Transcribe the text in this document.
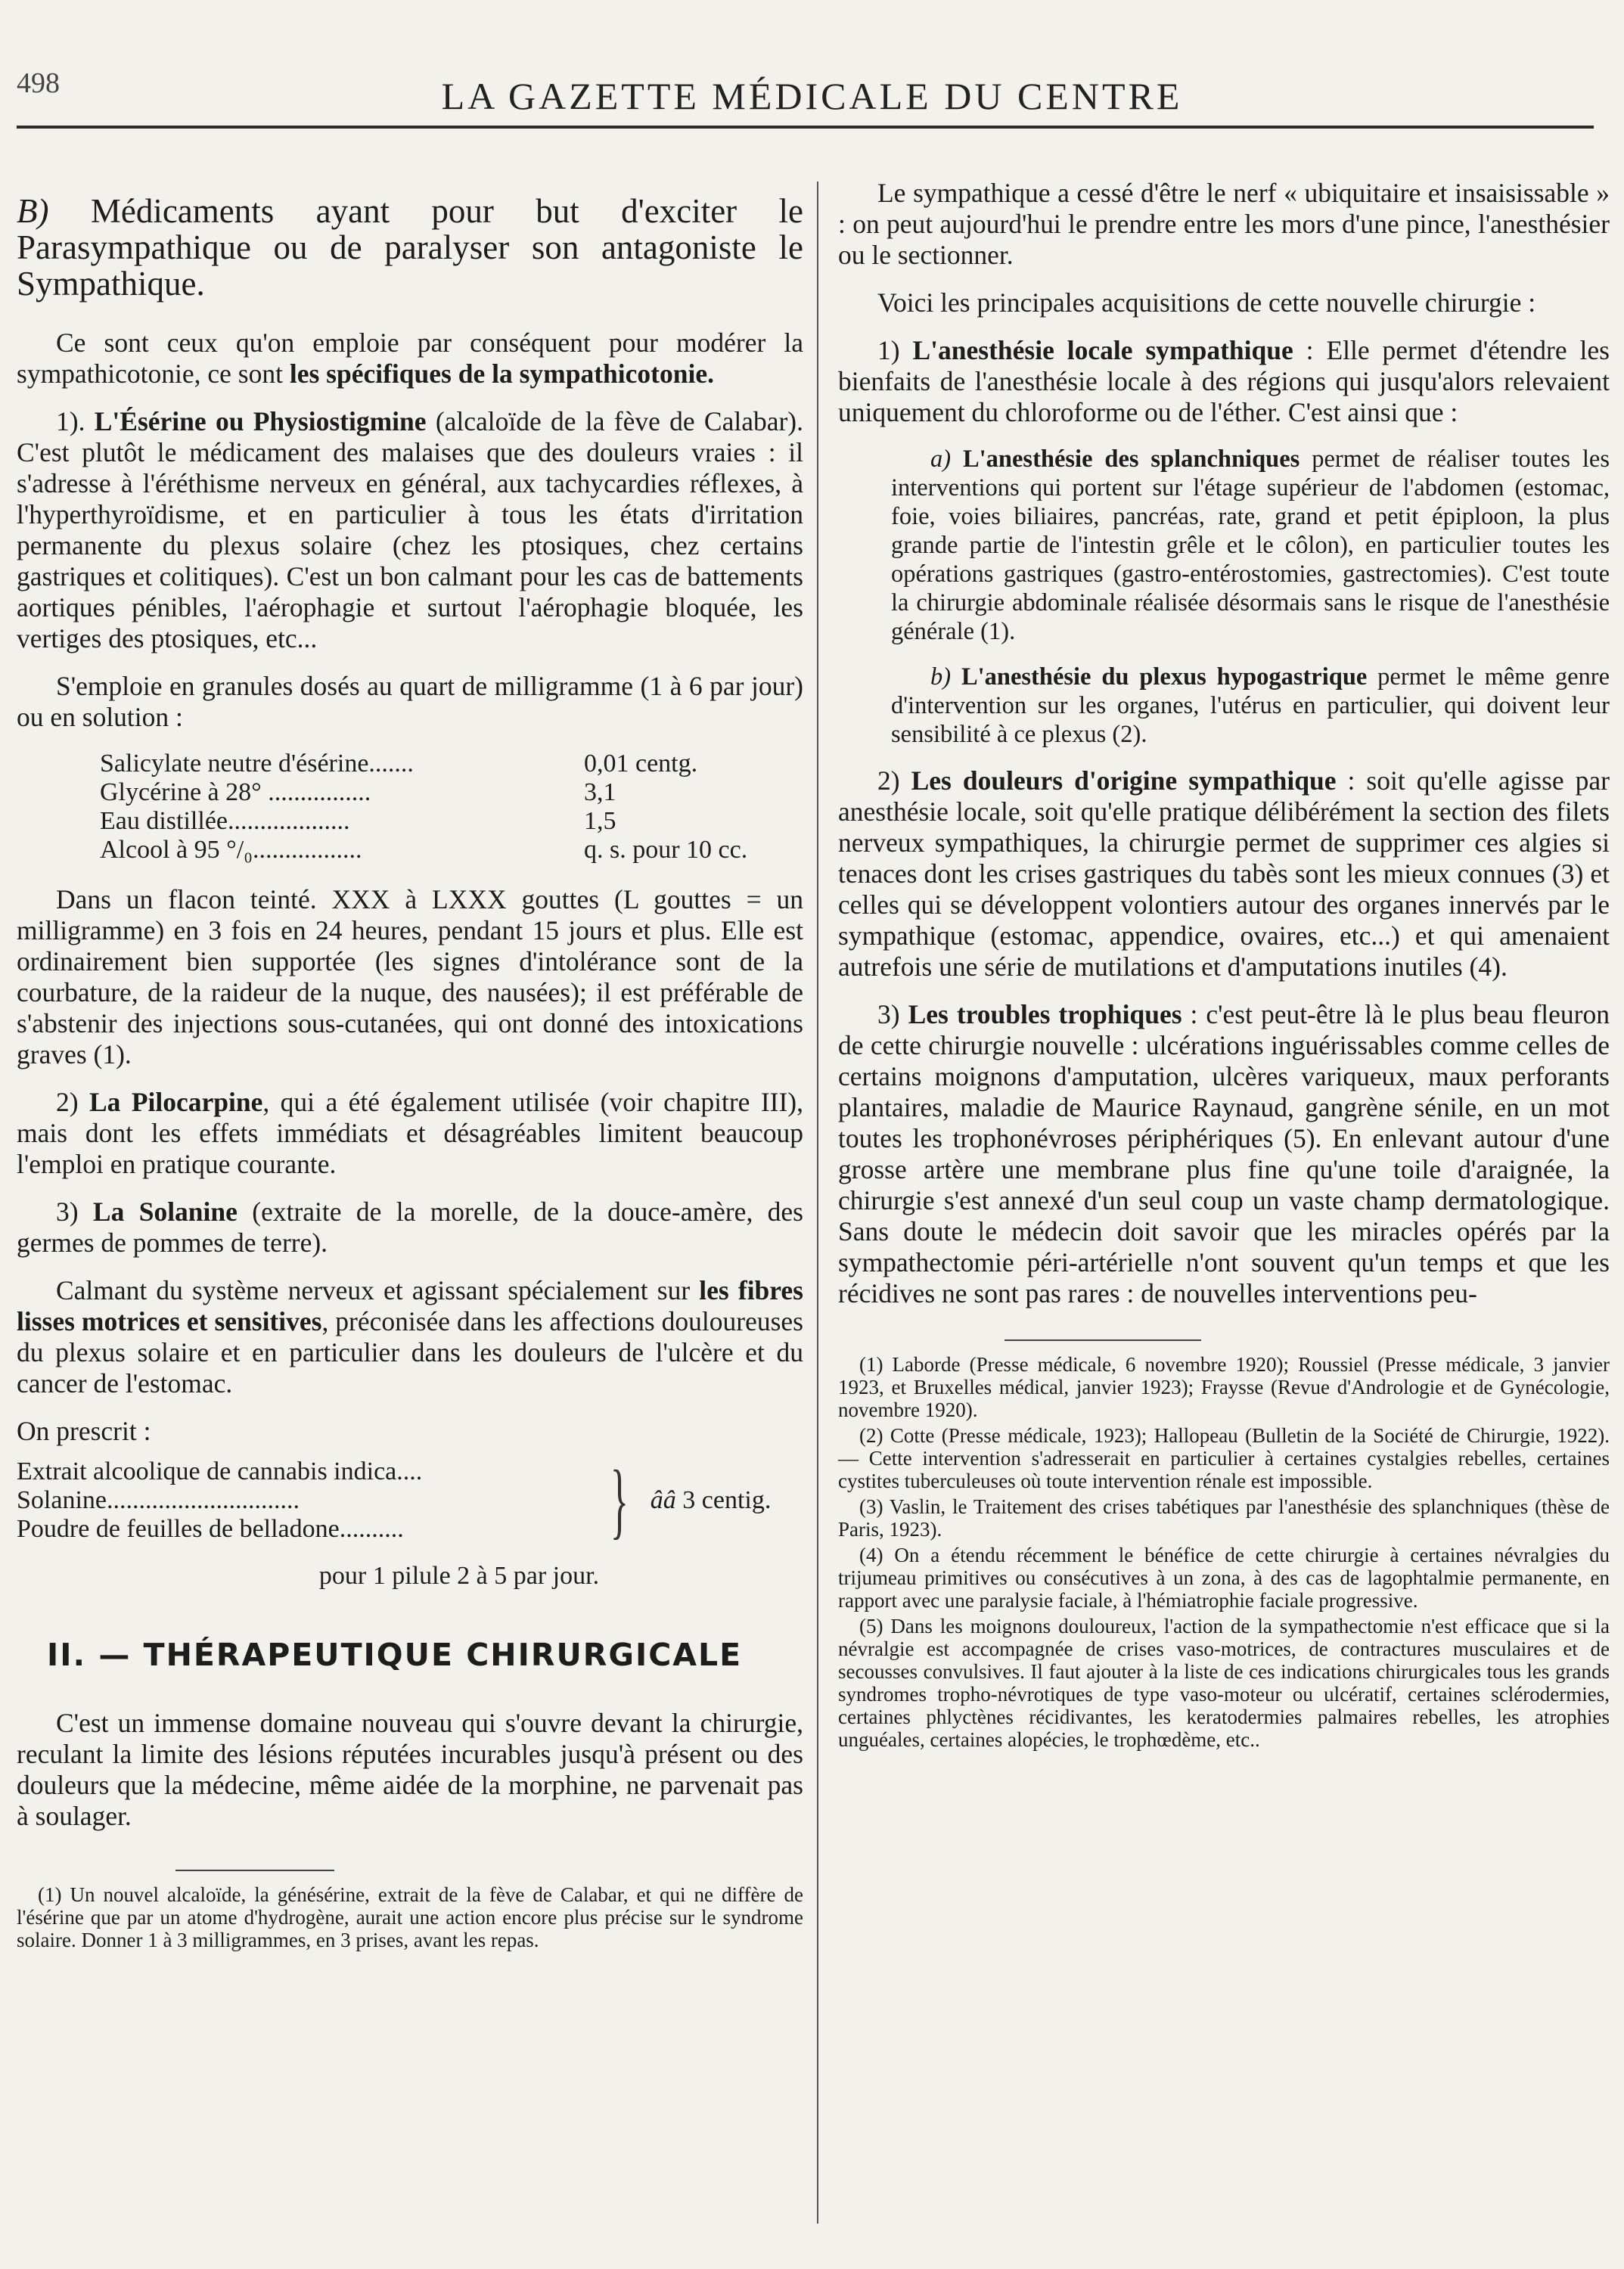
498	LA GAZETTE MÉDICALE DU CENTRE

B) Médicaments ayant pour but d'exciter le Parasympathique ou de paralyser son antagoniste le Sympathique.

Ce sont ceux qu'on emploie par conséquent pour modérer la sympathicotonie, ce sont les spécifiques de la sympathicotonie.

1). L'Ésérine ou Physiostigmine (alcaloïde de la fève de Calabar). C'est plutôt le médicament des malaises que des douleurs vraies : il s'adresse à l'éréthisme nerveux en général, aux tachycardies réflexes, à l'hyperthyroïdisme, et en particulier à tous les états d'irritation permanente du plexus solaire (chez les ptosiques, chez certains gastriques et colitiques). C'est un bon calmant pour les cas de battements aortiques pénibles, l'aérophagie et surtout l'aérophagie bloquée, les vertiges des ptosiques, etc...

S'emploie en granules dosés au quart de milligramme (1 à 6 par jour) ou en solution :

Salicylate neutre d'ésérine.......	0,01 centg.
Glycérine à 28° ................	3,1
Eau distillée...................	1,5
Alcool à 95 °/₀.................	q. s. pour 10 cc.

Dans un flacon teinté. XXX à LXXX gouttes (L gouttes = un milligramme) en 3 fois en 24 heures, pendant 15 jours et plus. Elle est ordinairement bien supportée (les signes d'intolérance sont de la courbature, de la raideur de la nuque, des nausées); il est préférable de s'abstenir des injections sous-cutanées, qui ont donné des intoxications graves (1).

2) La Pilocarpine, qui a été également utilisée (voir chapitre III), mais dont les effets immédiats et désagréables limitent beaucoup l'emploi en pratique courante.

3) La Solanine (extraite de la morelle, de la douce-amère, des germes de pommes de terre).

Calmant du système nerveux et agissant spécialement sur les fibres lisses motrices et sensitives, préconisée dans les affections douloureuses du plexus solaire et en particulier dans les douleurs de l'ulcère et du cancer de l'estomac.

On prescrit :

Extrait alcoolique de cannabis indica....
Solanine..............................
Poudre de feuilles de belladone..........	} ââ 3 centig.

pour 1 pilule 2 à 5 par jour.

II. — THÉRAPEUTIQUE CHIRURGICALE

C'est un immense domaine nouveau qui s'ouvre devant la chirurgie, reculant la limite des lésions réputées incurables jusqu'à présent ou des douleurs que la médecine, même aidée de la morphine, ne parvenait pas à soulager.

(1) Un nouvel alcaloïde, la génésérine, extrait de la fève de Calabar, et qui ne diffère de l'ésérine que par un atome d'hydrogène, aurait une action encore plus précise sur le syndrome solaire. Donner 1 à 3 milligrammes, en 3 prises, avant les repas.

Le sympathique a cessé d'être le nerf « ubiquitaire et insaisissable » : on peut aujourd'hui le prendre entre les mors d'une pince, l'anesthésier ou le sectionner.

Voici les principales acquisitions de cette nouvelle chirurgie :

1) L'anesthésie locale sympathique : Elle permet d'étendre les bienfaits de l'anesthésie locale à des régions qui jusqu'alors relevaient uniquement du chloroforme ou de l'éther. C'est ainsi que :

a) L'anesthésie des splanchniques permet de réaliser toutes les interventions qui portent sur l'étage supérieur de l'abdomen (estomac, foie, voies biliaires, pancréas, rate, grand et petit épiploon, la plus grande partie de l'intestin grêle et le côlon), en particulier toutes les opérations gastriques (gastro-entérostomies, gastrectomies). C'est toute la chirurgie abdominale réalisée désormais sans le risque de l'anesthésie générale (1).

b) L'anesthésie du plexus hypogastrique permet le même genre d'intervention sur les organes, l'utérus en particulier, qui doivent leur sensibilité à ce plexus (2).

2) Les douleurs d'origine sympathique : soit qu'elle agisse par anesthésie locale, soit qu'elle pratique délibérément la section des filets nerveux sympathiques, la chirurgie permet de supprimer ces algies si tenaces dont les crises gastriques du tabès sont les mieux connues (3) et celles qui se développent volontiers autour des organes innervés par le sympathique (estomac, appendice, ovaires, etc...) et qui amenaient autrefois une série de mutilations et d'amputations inutiles (4).

3) Les troubles trophiques : c'est peut-être là le plus beau fleuron de cette chirurgie nouvelle : ulcérations inguérissables comme celles de certains moignons d'amputation, ulcères variqueux, maux perforants plantaires, maladie de Maurice Raynaud, gangrène sénile, en un mot toutes les trophonévroses périphériques (5). En enlevant autour d'une grosse artère une membrane plus fine qu'une toile d'araignée, la chirurgie s'est annexé d'un seul coup un vaste champ dermatologique. Sans doute le médecin doit savoir que les miracles opérés par la sympathectomie péri-artérielle n'ont souvent qu'un temps et que les récidives ne sont pas rares : de nouvelles interventions peu-

(1) Laborde (Presse médicale, 6 novembre 1920); Roussiel (Presse médicale, 3 janvier 1923, et Bruxelles médical, janvier 1923); Fraysse (Revue d'Andrologie et de Gynécologie, novembre 1920).

(2) Cotte (Presse médicale, 1923); Hallopeau (Bulletin de la Société de Chirurgie, 1922). — Cette intervention s'adresserait en particulier à certaines cystalgies rebelles, certaines cystites tuberculeuses où toute intervention rénale est impossible.

(3) Vaslin, le Traitement des crises tabétiques par l'anesthésie des splanchniques (thèse de Paris, 1923).

(4) On a étendu récemment le bénéfice de cette chirurgie à certaines névralgies du trijumeau primitives ou consécutives à un zona, à des cas de lagophtalmie permanente, en rapport avec une paralysie faciale, à l'hémiatrophie faciale progressive.

(5) Dans les moignons douloureux, l'action de la sympathectomie n'est efficace que si la névralgie est accompagnée de crises vaso-motrices, de contractures musculaires et de secousses convulsives. Il faut ajouter à la liste de ces indications chirurgicales tous les grands syndromes tropho-névrotiques de type vaso-moteur ou ulcératif, certaines sclérodermies, certaines phlyctènes récidivantes, les keratodermies palmaires rebelles, les atrophies unguéales, certaines alopécies, le trophœdème, etc..
